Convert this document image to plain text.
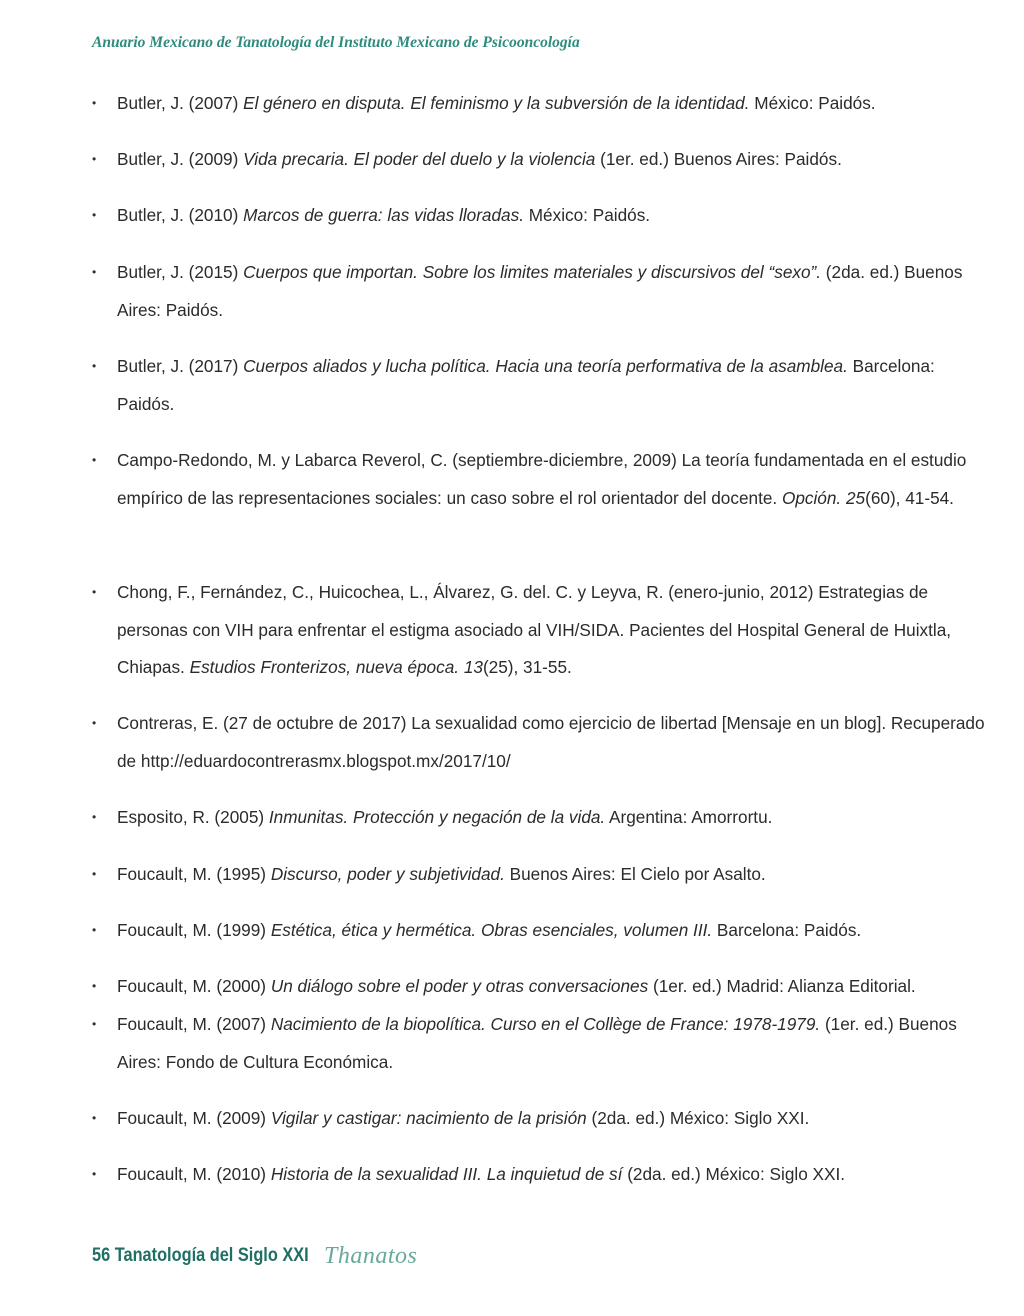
Anuario Mexicano de Tanatología del Instituto Mexicano de Psicooncología
• Butler, J. (2007) El género en disputa. El feminismo y la subversión de la identidad. México: Paidós.
• Butler, J. (2009) Vida precaria. El poder del duelo y la violencia (1er. ed.) Buenos Aires: Paidós.
• Butler, J. (2010) Marcos de guerra: las vidas lloradas. México: Paidós.
• Butler, J. (2015) Cuerpos que importan. Sobre los limites materiales y discursivos del “sexo”. (2da. ed.) Buenos Aires: Paidós.
• Butler, J. (2017) Cuerpos aliados y lucha política. Hacia una teoría performativa de la asamblea. Barcelona: Paidós.
• Campo-Redondo, M. y Labarca Reverol, C. (septiembre-diciembre, 2009) La teoría fundamentada en el estudio empírico de las representaciones sociales: un caso sobre el rol orientador del docente. Opción. 25(60), 41-54.
• Chong, F., Fernández, C., Huicochea, L., Álvarez, G. del. C. y Leyva, R. (enero-junio, 2012) Estrategias de personas con VIH para enfrentar el estigma asociado al VIH/SIDA. Pacientes del Hospital General de Huixtla, Chiapas. Estudios Fronterizos, nueva época. 13(25), 31-55.
• Contreras, E. (27 de octubre de 2017) La sexualidad como ejercicio de libertad [Mensaje en un blog]. Recuperado de http://eduardocontrerasmx.blogspot.mx/2017/10/
• Esposito, R. (2005) Inmunitas. Protección y negación de la vida. Argentina: Amorrortu.
• Foucault, M. (1995) Discurso, poder y subjetividad. Buenos Aires: El Cielo por Asalto.
• Foucault, M. (1999) Estética, ética y hermética. Obras esenciales, volumen III. Barcelona: Paidós.
• Foucault, M. (2000) Un diálogo sobre el poder y otras conversaciones (1er. ed.) Madrid: Alianza Editorial.
• Foucault, M. (2007) Nacimiento de la biopolítica. Curso en el Collège de France: 1978-1979. (1er. ed.) Buenos Aires: Fondo de Cultura Económica.
• Foucault, M. (2009) Vigilar y castigar: nacimiento de la prisión (2da. ed.) México: Siglo XXI.
• Foucault, M. (2010) Historia de la sexualidad III. La inquietud de sí (2da. ed.) México: Siglo XXI.
56 Tanatología del Siglo XXI Thanatos
